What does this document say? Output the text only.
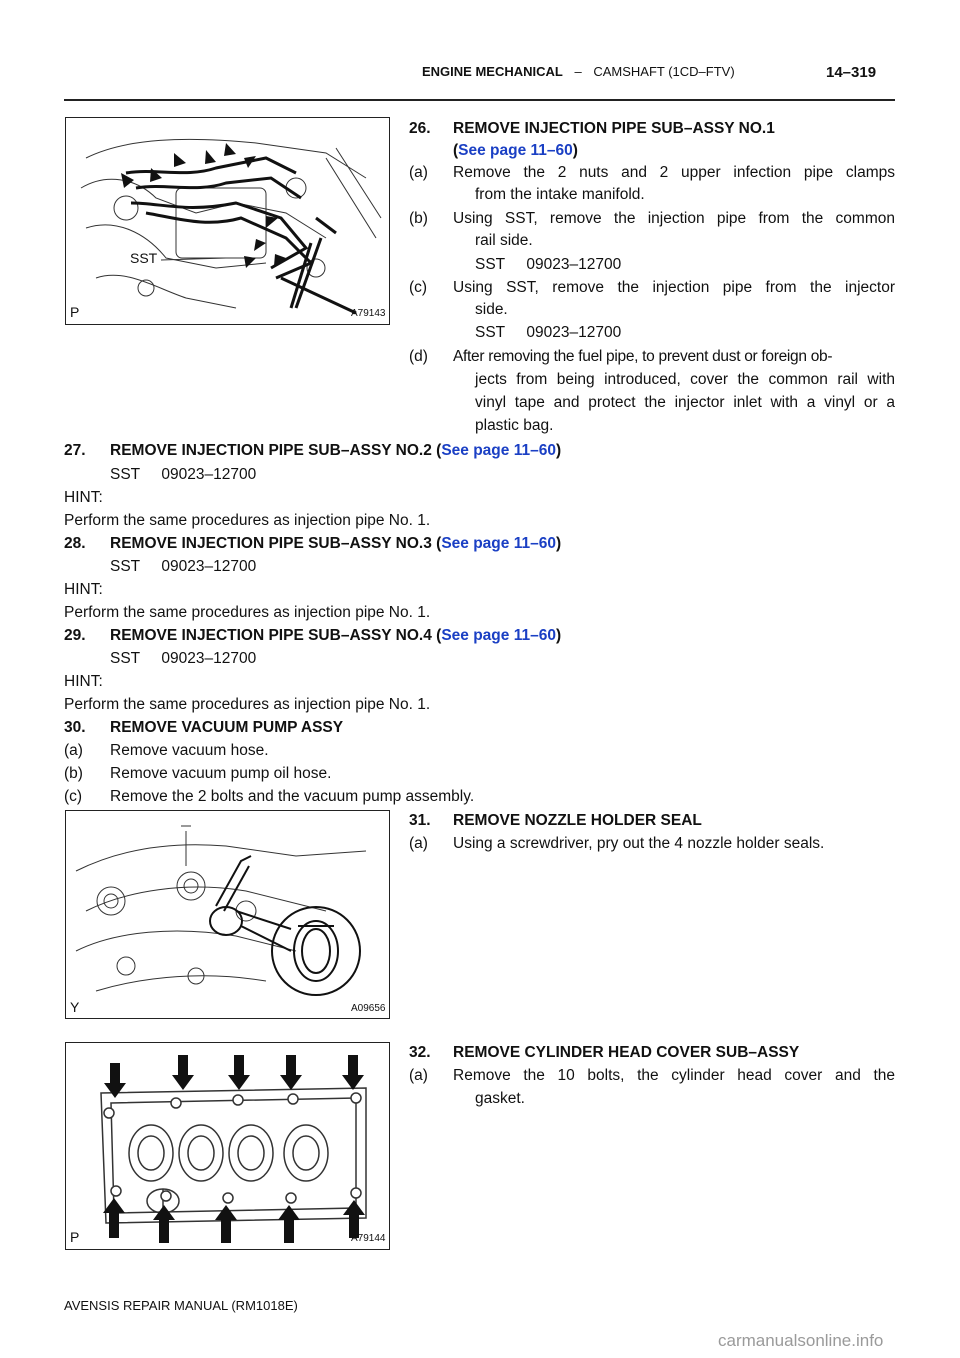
ENGINE MECHANICAL – CAMSHAFT (1CD–FTV)	14–319
SST
P	A79143
26. REMOVE INJECTION PIPE SUB–ASSY NO.1
(See page 11–60)
(a) Remove the 2 nuts and 2 upper infection pipe clamps
from the intake manifold.
(b) Using SST, remove the injection pipe from the common
rail side.
SST     09023–12700
(c) Using SST, remove the injection pipe from the injector
side.
SST     09023–12700
(d) After removing the fuel pipe, to prevent dust or foreign ob-
jects from being introduced, cover the common rail with
vinyl tape and protect the injector inlet with a vinyl or a
plastic bag.
27. REMOVE INJECTION PIPE SUB–ASSY NO.2 (See page 11–60)
SST     09023–12700
HINT:
Perform the same procedures as injection pipe No. 1.
28. REMOVE INJECTION PIPE SUB–ASSY NO.3 (See page 11–60)
SST     09023–12700
HINT:
Perform the same procedures as injection pipe No. 1.
29. REMOVE INJECTION PIPE SUB–ASSY NO.4 (See page 11–60)
SST     09023–12700
HINT:
Perform the same procedures as injection pipe No. 1.
30. REMOVE VACUUM PUMP ASSY
(a) Remove vacuum hose.
(b) Remove vacuum pump oil hose.
(c) Remove the 2 bolts and the vacuum pump assembly.
Y	A09656
31. REMOVE NOZZLE HOLDER SEAL
(a) Using a screwdriver, pry out the 4 nozzle holder seals.
P	A79144
32. REMOVE CYLINDER HEAD COVER SUB–ASSY
(a) Remove the 10 bolts, the cylinder head cover and the
gasket.
AVENSIS REPAIR MANUAL (RM1018E)
carmanualsonline.info
